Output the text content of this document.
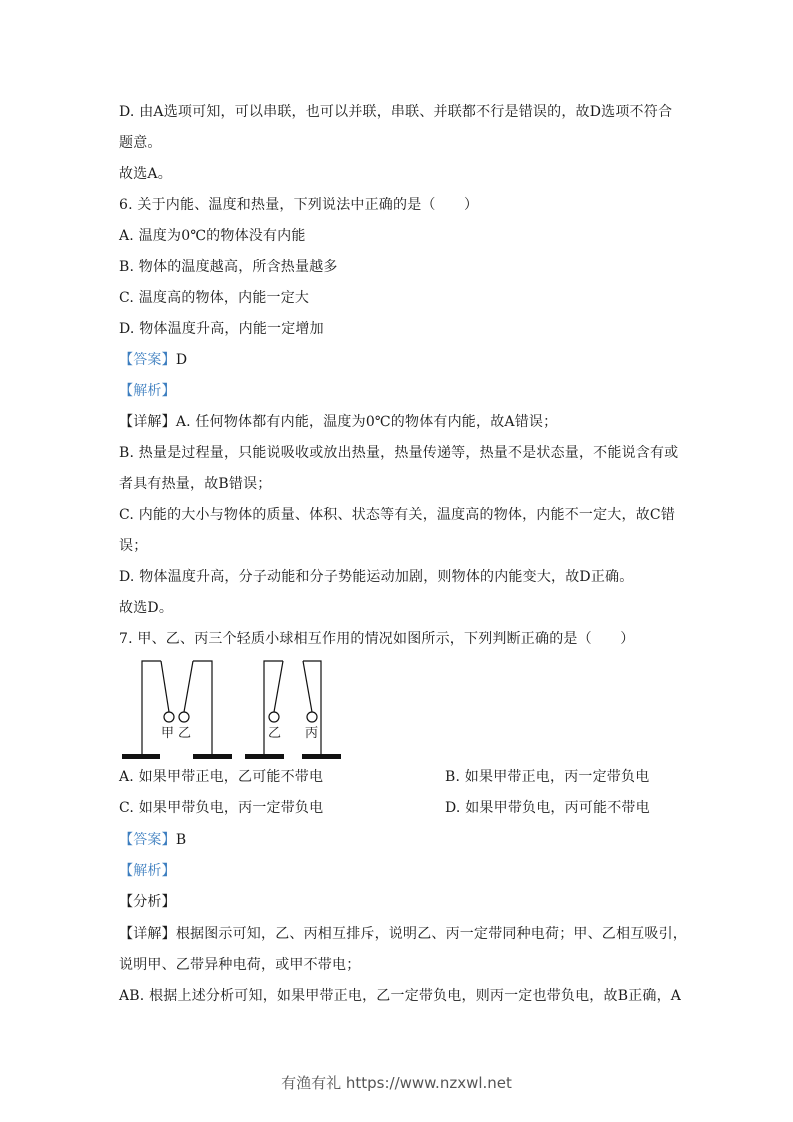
D. 由A选项可知，可以串联，也可以并联，串联、并联都不行是错误的，故D选项不符合
题意。
故选A。
6. 关于内能、温度和热量，下列说法中正确的是（　　）
A. 温度为0℃的物体没有内能
B. 物体的温度越高，所含热量越多
C. 温度高的物体，内能一定大
D. 物体温度升高，内能一定增加
【答案】D
【解析】
【详解】A. 任何物体都有内能，温度为0℃的物体有内能，故A错误；
B. 热量是过程量，只能说吸收或放出热量，热量传递等，热量不是状态量，不能说含有或
者具有热量，故B错误；
C. 内能的大小与物体的质量、体积、状态等有关，温度高的物体，内能不一定大，故C错
误；
D. 物体温度升高，分子动能和分子势能运动加剧，则物体的内能变大，故D正确。
故选D。
7. 甲、乙、丙三个轻质小球相互作用的情况如图所示，下列判断正确的是（　　）
甲 乙	乙 丙
A. 如果甲带正电，乙可能不带电	B. 如果甲带正电，丙一定带负电
C. 如果甲带负电，丙一定带负电	D. 如果甲带负电，丙可能不带电
【答案】B
【解析】
【分析】
【详解】根据图示可知，乙、丙相互排斥，说明乙、丙一定带同种电荷；甲、乙相互吸引，
说明甲、乙带异种电荷，或甲不带电；
AB. 根据上述分析可知，如果甲带正电，乙一定带负电，则丙一定也带负电，故B正确，A
有渔有礼 https://www.nzxwl.net
